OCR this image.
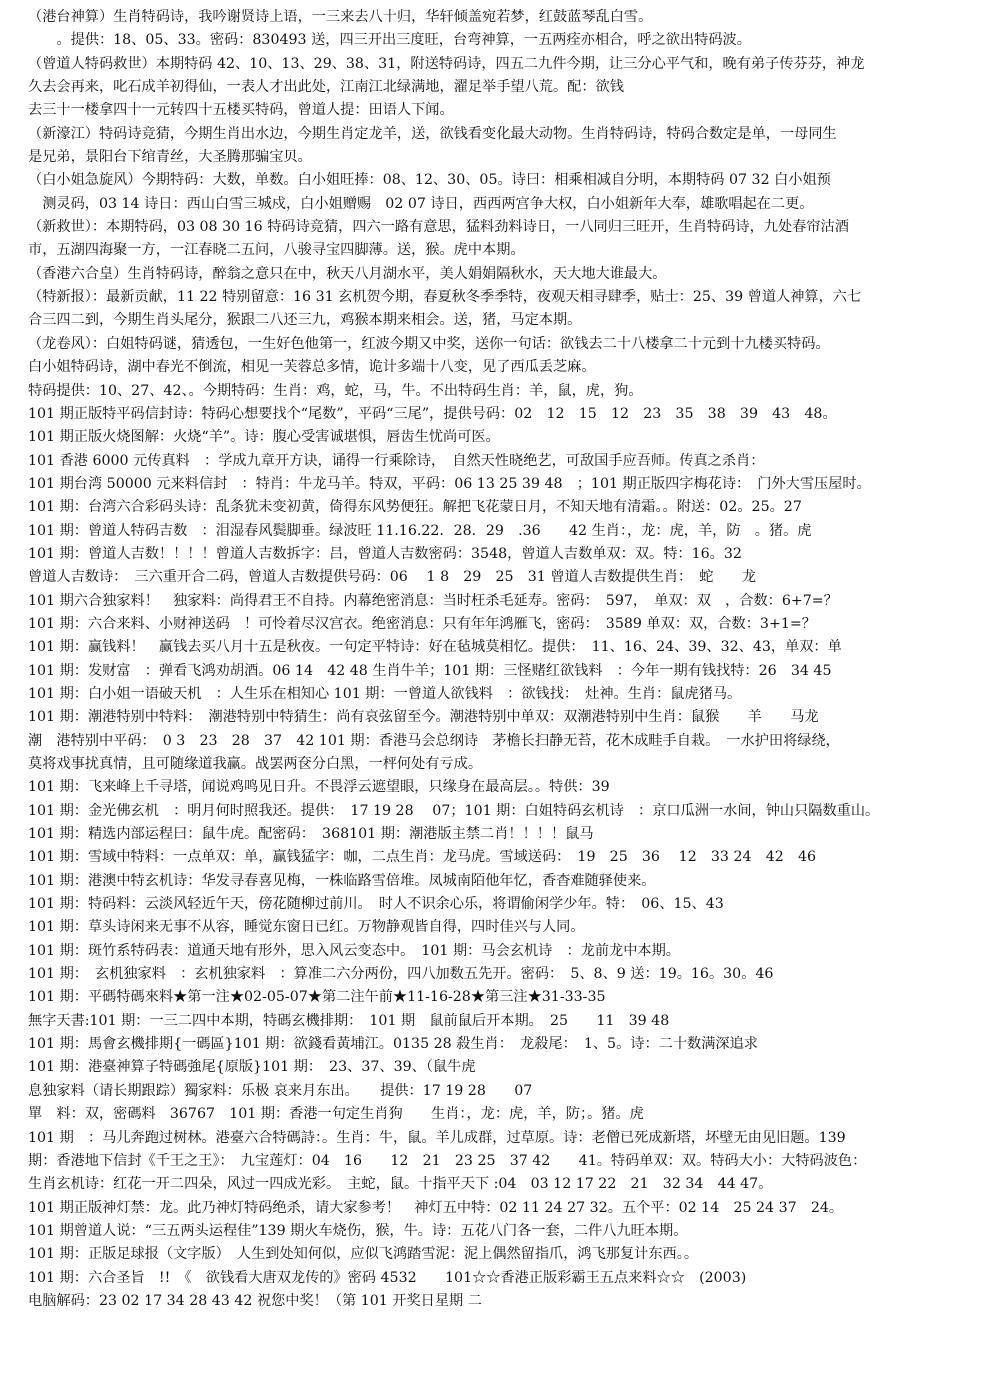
（港台神算）生肖特码诗，我吟谢贤诗上语，一三来去八十归，华轩倾盖宛若梦，红鼓蓝琴乱白雪。
　　。提供：18、05、33。密码：830493 送，四三开出三度旺，台弯神算，一五两痊亦相合，呼之欲出特码波。
（曾道人特码救世）本期特码 42、10、13、29、38、31，附送特码诗，四五二九件今期，让三分心平气和，晚有弟子传芬芬，神龙
久去会再来，叱石成羊初得仙，一表人才出此处，江南江北绿满地，濯足举手望八荒。配：欲钱
去三十一楼拿四十一元转四十五楼买特码，曾道人提：田语人下闻。
（新濠江）特码诗竞猜，今期生肖出水边，今期生肖定龙羊，送，欲钱看变化最大动物。生肖特码诗，特码合数定是单，一母同生
是兄弟，景阳台下绾青丝，大圣腾那骗宝贝。
（白小姐急旋风）今期特码：大数，单数。白小姐旺捧：08、12、30、05。诗曰：相乘相减自分明，本期特码 07 32 白小姐预
　测灵码，03 14 诗日：西山白雪三城戍，白小姐赠赐　02 07 诗日，西西两宫争大权，白小姐新年大奉，雄歌唱起在二更。
（新救世）：本期特码，03 08 30 16 特码诗竞猜，四六一路有意思，猛料劲料诗日，一八同归三旺开，生肖特码诗，九处春帘沽酒
市，五湖四海聚一方，一江春晓二五问，八骏寻宝四脚薄。送，猴。虎中本期。
（香港六合皇）生肖特码诗，醉翁之意只在中，秋天八月湖水平，美人娟娟隔秋水，天大地大谁最大。
（特新报）：最新贡献，11 22 特别留意：16 31 玄机贺今期，春夏秋冬季季特，夜观天相寻肆季，贴士：25、39 曾道人神算，六七
合三四二到，今期生肖头尾分，猴跟二八还三九，鸡猴本期来相会。送，猪，马定本期。
（龙卷风）：白姐特码谜，猜透包，一生好色他第一，红波今期又中奖，送你一句话：欲钱去二十八楼拿二十元到十九楼买特码。
白小姐特码诗，湖中春光不倒流，相见一芙蓉总多情，诡计多端十八变，见了西瓜丢芝麻。
特码提供：10、27、42、。今期特码：生肖：鸡，蛇，马，牛。不出特码生肖：羊，鼠，虎，狗。
101 期正版特平码信封诗：特码心想要找个“尾数”，平码“三尾”，提供号码：02　12　15　12　23　35　38　39　43　48。
101 期正版火烧图解：火烧“羊”。诗：腹心受害诚堪惧，唇齿生忧尚可医。
101 香港 6000 元传真料　：学成九章开方诀，诵得一行乘除诗，　自然天性晓绝艺，可敌国手应吾师。传真之杀肖：
101 期台湾 50000 元来料信封　：特肖：牛龙马羊。特双，平码：06 13 25 39 48　；101 期正版四字梅花诗：　门外大雪压屋时。
101 期：台湾六合彩码头诗：乱条犹未变初黄，倚得东风势便狂。解把飞花蒙日月，不知天地有清霜。。附送：02。25。27
101 期：曾道人特码吉数　：泪湿春风鬓脚垂。绿波旺 11.16.22．28．29　.36　　42 生肖：，龙：虎，羊，防　。猪。虎
101 期：曾道人吉数！！！！曾道人吉数拆字：吕，曾道人吉数密码：3548，曾道人吉数单双：双。特：16。32
曾道人吉数诗：　三六重开合二码，曾道人吉数提供号码：06　 1 8　29　25　31 曾道人吉数提供生肖：　蛇　　龙
101 期六合独家料！　独家料：尚得君王不自持。内幕绝密消息：当时枉杀毛延寿。密码：　597，　单双：双　，合数：6+7=？
101 期：六合来料、小财神送码　！可怜着尽汉宫衣。绝密消息：只有年年鸿雁飞，密码：　3589 单双：双，合数：3+1=？
101 期：赢钱料！　赢钱去买八月十五是秋夜。一句定平特诗：好在毡城莫相忆。提供：　11、16、24、39、32、43，单双：单
101 期：发财富　：弹看飞鸿劝胡酒。06 14　42 48 生肖牛羊；101 期：三怪赌红欲钱料　：今年一期有钱找特：26　34 45
101 期：白小姐一语破天机　：人生乐在相知心 101 期：一曾道人欲钱料　：欲钱找：　灶神。生肖：鼠虎猪马。
101 期：潮港特别中特料：　潮港特别中特猜生：尚有哀弦留至今。潮港特别中单双：双潮港特别中生肖：鼠猴　　羊　　马龙
潮　港特别中平码：　0 3　23　28　37　42 101 期：香港马会总纲诗　茅檐长扫静无苔，花木成畦手自栽。　一水护田将绿绕，
莫将戏事扰真情，且可随缘道我赢。战罢两奁分白黑，一枰何处有亏成。
101 期：飞来峰上千寻塔，闻说鸡鸣见日升。不畏浮云遮望眼，只缘身在最高层。。特供：39
101 期：金光佛玄机　：明月何时照我还。提供：　17 19 28　 07；101 期：白姐特码玄机诗　：京口瓜洲一水间，钟山只隔数重山。
101 期：精选内部运程曰：鼠牛虎。配密码：　368101 期：潮港版主禁二肖！！！！鼠马
101 期：雪域中特料：一点单双：单，赢钱猛字：咖，二点生肖：龙马虎。雪域送码：　19　25　36　 12　33 24　42　46
101 期：港澳中特玄机诗：华发寻春喜见梅，一株临路雪倍堆。凤城南陌他年忆，香杳难随驿使来。
101 期：特码料：云淡风轻近午天，傍花随柳过前川。　时人不识余心乐，将谓偷闲学少年。特：　06、15、43
101 期：草头诗闲来无事不从容，睡觉东窗日已红。万物静观皆自得，四时佳兴与人同。
101 期：斑竹系特码表：道通天地有形外，思入风云变态中。　101 期：马会玄机诗　：龙前龙中本期。
101 期：　玄机独家料　：玄机独家料　：算准二六分两份，四八加数五先开。密码：　5、8、9 送：19。16。30。46
101 期：平碼特碼來料★第一注★02-05-07★第二注午前★11-16-28★第三注★31-33-35
無字天書:101 期：一三二四中本期，特碼玄機排期：　101 期　鼠前鼠后开本期。　25　　11　39 48
101 期：馬會玄機排期{一碼區}101 期：欲錢看黃埔江。0135 28 殺生肖：　龙殺尾：　1、5。诗：二十数满深追求
101 期：港臺神算子特碼強尾{原版}101 期：　23、37、39、（鼠牛虎
息独家料（请长期跟踪）獨家料：乐极 哀来月东出。　　提供：17 19 28　　07
單　料：双，密碼料　36767　101 期：香港一句定生肖狗　　生肖：，龙：虎，羊，防；。猪。虎
101 期　：马儿奔跑过树林。港臺六合特碼詩：。生肖：牛，鼠。羊儿成群，过草原。诗：老僧已死成新塔，坏壁无由见旧题。139
期：香港地下信封《千王之王》：　九宝莲灯：04　16　　12　21　23 25　37 42　　41。特码单双：双。特码大小：大特码波色：
生肖玄机诗：红花一开二四朵，风过一四成光彩。　主蛇，鼠。十指平天下 :04　03 12 17 22　21　32 34　44 47。
101 期正版神灯禁：龙。此乃神灯特码绝杀，请大家参考！　神灯五中特：02 11 24 27 32。五个平：02 14　25 24 37　24。
101 期曾道人说：“三五两头运程佳”139 期火车烧伤，猴，牛。诗：五花八门各一套，二件八九旺本期。
101 期：正版足球报（文字版）　人生到处知何似，应似飞鸿踏雪泥：泥上偶然留指爪，鸿飞那复计东西。。
101 期：六合圣旨　!!　《　欲钱看大唐双龙传的》密码 4532　　101☆☆香港正版彩霸王五点来料☆☆　(2003)
电脑解码：23 02 17 34 28 43 42 祝您中奖！（第 101 开奖日星期 二
